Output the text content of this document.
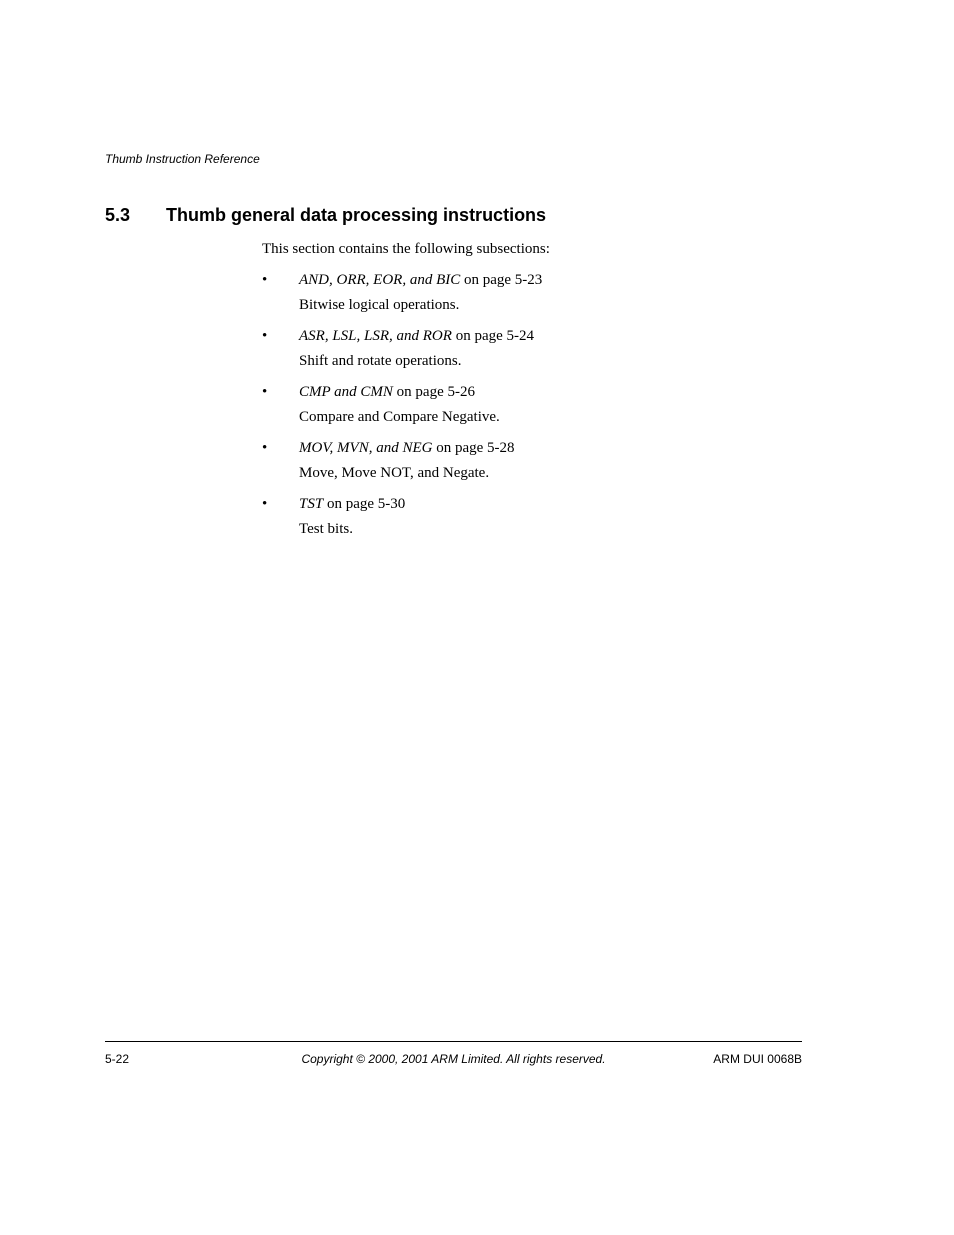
Thumb Instruction Reference
5.3 Thumb general data processing instructions
This section contains the following subsections:
• AND, ORR, EOR, and BIC on page 5-23
Bitwise logical operations.
• ASR, LSL, LSR, and ROR on page 5-24
Shift and rotate operations.
• CMP and CMN on page 5-26
Compare and Compare Negative.
• MOV, MVN, and NEG on page 5-28
Move, Move NOT, and Negate.
• TST on page 5-30
Test bits.
5-22	Copyright © 2000, 2001 ARM Limited. All rights reserved.	ARM DUI 0068B
